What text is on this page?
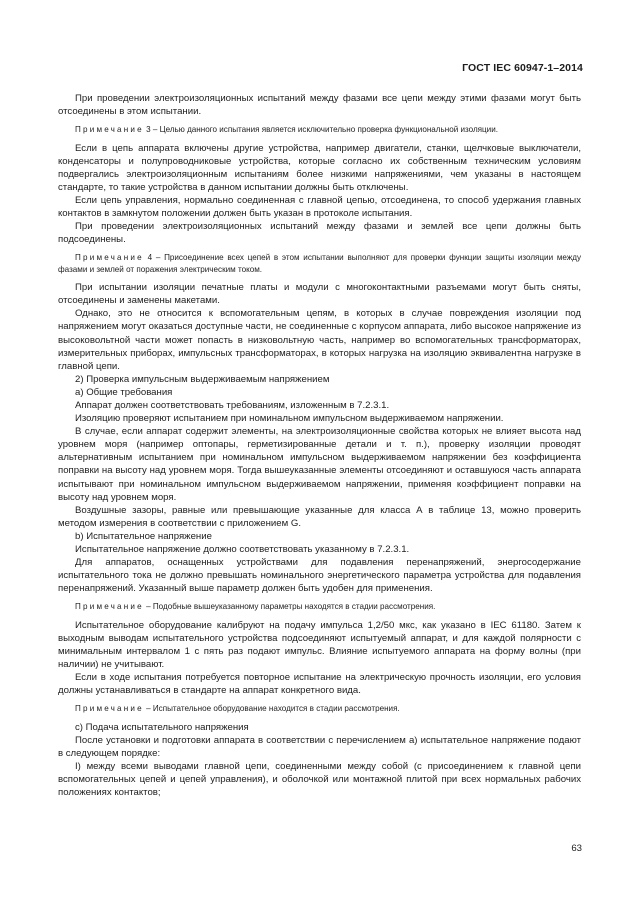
ГОСТ IEC 60947-1–2014

При проведении электроизоляционных испытаний между фазами все цепи между этими фазами могут быть отсоединены в этом испытании.

Примечание 3 – Целью данного испытания является исключительно проверка функциональной изоляции.

Если в цепь аппарата включены другие устройства, например двигатели, станки, щелчковые выключатели, конденсаторы и полупроводниковые устройства, которые согласно их собственным техническим условиям подвергались электроизоляционным испытаниям более низкими напряжениями, чем указаны в настоящем стандарте, то такие устройства в данном испытании должны быть отключены.

Если цепь управления, нормально соединенная с главной цепью, отсоединена, то способ удержания главных контактов в замкнутом положении должен быть указан в протоколе испытания.

При проведении электроизоляционных испытаний между фазами и землей все цепи должны быть подсоединены.

Примечание 4 – Присоединение всех цепей в этом испытании выполняют для проверки функции защиты изоляции между фазами и землей от поражения электрическим током.

При испытании изоляции печатные платы и модули с многоконтактными разъемами могут быть сняты, отсоединены и заменены макетами.

Однако, это не относится к вспомогательным цепям, в которых в случае повреждения изоляции под напряжением могут оказаться доступные части, не соединенные с корпусом аппарата, либо высокое напряжение из высоковольтной части может попасть в низковольтную часть, например во вспомогательных трансформаторах, измерительных приборах, импульсных трансформаторах, в которых нагрузка на изоляцию эквивалентна нагрузке в главной цепи.

2) Проверка импульсным выдерживаемым напряжением

а) Общие требования

Аппарат должен соответствовать требованиям, изложенным в 7.2.3.1.

Изоляцию проверяют испытанием при номинальном импульсном выдерживаемом напряжении.

В случае, если аппарат содержит элементы, на электроизоляционные свойства которых не влияет высота над уровнем моря (например оптопары, герметизированные детали и т. п.), проверку изоляции проводят альтернативным испытанием при номинальном импульсном выдерживаемом напряжении без коэффициента поправки на высоту над уровнем моря. Тогда вышеуказанные элементы отсоединяют и оставшуюся часть аппарата испытывают при номинальном импульсном выдерживаемом напряжении, применяя коэффициент поправки на высоту над уровнем моря.

Воздушные зазоры, равные или превышающие указанные для класса А в таблице 13, можно проверить методом измерения в соответствии с приложением G.

b) Испытательное напряжение

Испытательное напряжение должно соответствовать указанному в 7.2.3.1.

Для аппаратов, оснащенных устройствами для подавления перенапряжений, энергосодержание испытательного тока не должно превышать номинального энергетического параметра устройства для подавления перенапряжений. Указанный выше параметр должен быть удобен для применения.

Примечание – Подобные вышеуказанному параметры находятся в стадии рассмотрения.

Испытательное оборудование калибруют на подачу импульса 1,2/50 мкс, как указано в IEC 61180. Затем к выходным выводам испытательного устройства подсоединяют испытуемый аппарат, и для каждой полярности с минимальным интервалом 1 с пять раз подают импульс. Влияние испытуемого аппарата на форму волны (при наличии) не учитывают.

Если в ходе испытания потребуется повторное испытание на электрическую прочность изоляции, его условия должны устанавливаться в стандарте на аппарат конкретного вида.

Примечание – Испытательное оборудование находится в стадии рассмотрения.

с) Подача испытательного напряжения

После установки и подготовки аппарата в соответствии с перечислением а) испытательное напряжение подают в следующем порядке:

I) между всеми выводами главной цепи, соединенными между собой (с присоединением к главной цепи вспомогательных цепей и цепей управления), и оболочкой или монтажной плитой при всех нормальных рабочих положениях контактов;

63
